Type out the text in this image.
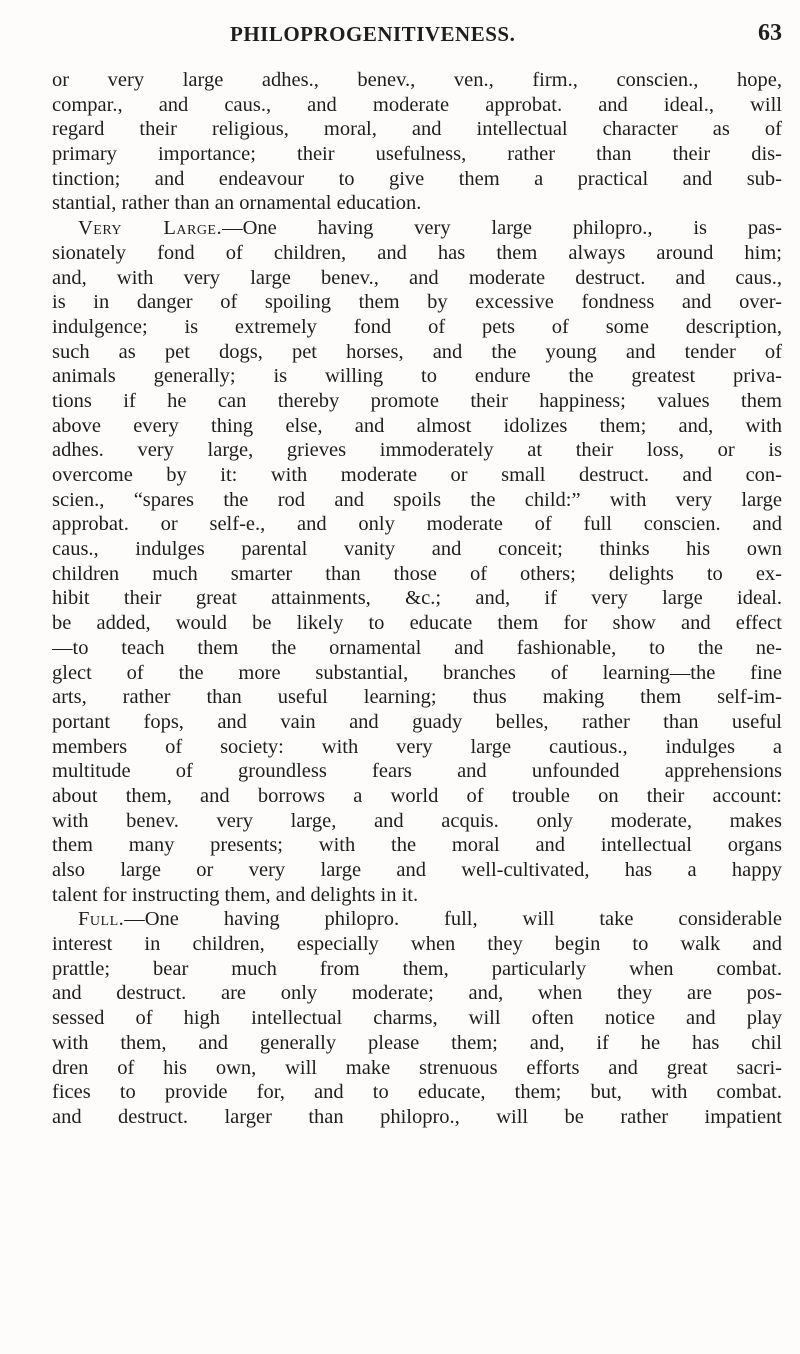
PHILOPROGENITIVENESS.	63
or very large adhes., benev., ven., firm., conscien., hope,
compar., and caus., and moderate approbat. and ideal., will
regard their religious, moral, and intellectual character as of
primary importance; their usefulness, rather than their dis-
tinction; and endeavour to give them a practical and sub-
stantial, rather than an ornamental education.
Very Large.—One having very large philopro., is pas-
sionately fond of children, and has them always around him;
and, with very large benev., and moderate destruct. and caus.,
is in danger of spoiling them by excessive fondness and over-
indulgence; is extremely fond of pets of some description,
such as pet dogs, pet horses, and the young and tender of
animals generally; is willing to endure the greatest priva-
tions if he can thereby promote their happiness; values them
above every thing else, and almost idolizes them; and, with
adhes. very large, grieves immoderately at their loss, or is
overcome by it: with moderate or small destruct. and con-
scien., “spares the rod and spoils the child:” with very large
approbat. or self-e., and only moderate of full conscien. and
caus., indulges parental vanity and conceit; thinks his own
children much smarter than those of others; delights to ex-
hibit their great attainments, &c.; and, if very large ideal.
be added, would be likely to educate them for show and effect
—to teach them the ornamental and fashionable, to the ne-
glect of the more substantial, branches of learning—the fine
arts, rather than useful learning; thus making them self-im-
portant fops, and vain and guady belles, rather than useful
members of society: with very large cautious., indulges a
multitude of groundless fears and unfounded apprehensions
about them, and borrows a world of trouble on their account:
with benev. very large, and acquis. only moderate, makes
them many presents; with the moral and intellectual organs
also large or very large and well-cultivated, has a happy
talent for instructing them, and delights in it.
Full.—One having philopro. full, will take considerable
interest in children, especially when they begin to walk and
prattle; bear much from them, particularly when combat.
and destruct. are only moderate; and, when they are pos-
sessed of high intellectual charms, will often notice and play
with them, and generally please them; and, if he has chil
dren of his own, will make strenuous efforts and great sacri-
fices to provide for, and to educate, them; but, with combat.
and destruct. larger than philopro., will be rather impatient
